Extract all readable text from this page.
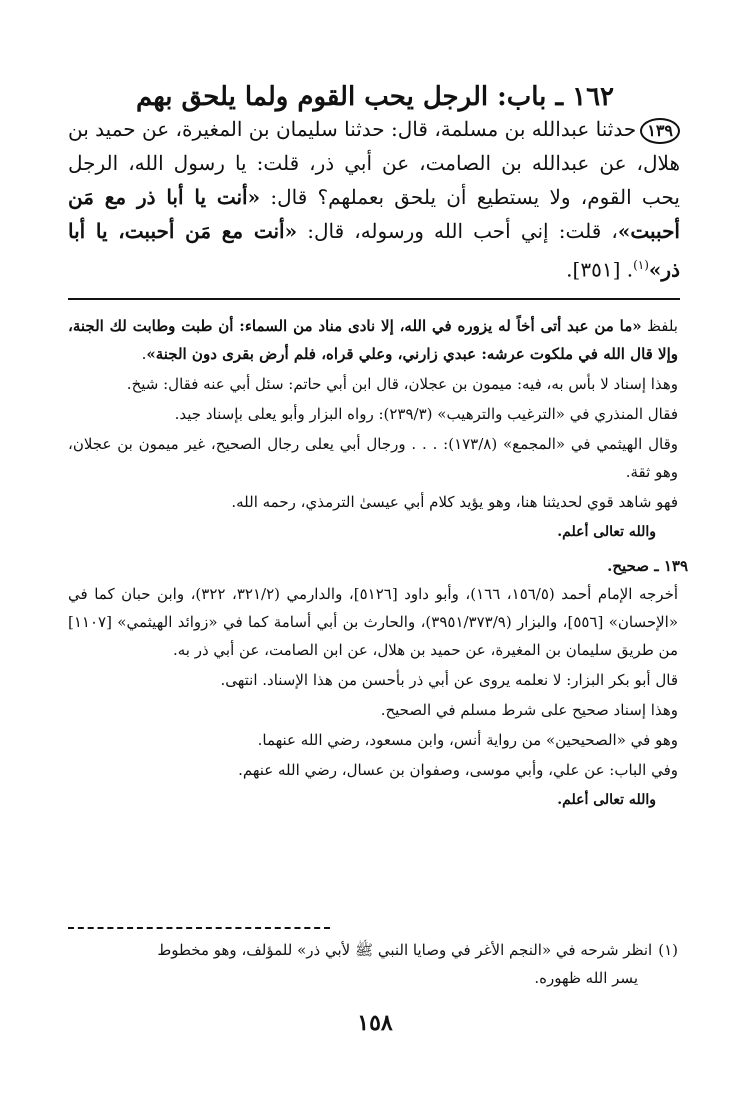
١٦٢ ـ باب: الرجل يحب القوم ولما يلحق بهم
١٣٩حدثنا عبدالله بن مسلمة، قال: حدثنا سليمان بن المغيرة، عن حميد بن هلال، عن عبدالله بن الصامت، عن أبي ذر، قلت: يا رسول الله، الرجل يحب القوم، ولا يستطيع أن يلحق بعملهم؟ قال: «أنت يا أبا ذر مع مَن أحببت»، قلت: إني أحب الله ورسوله، قال: «أنت مع مَن أحببت، يا أبا ذر»$^{(١)}$. [٣٥١].

بلفظ «ما من عبد أتى أخاً له يزوره في الله، إلا نادى مناد من السماء: أن طبت وطابت لك الجنة، وإلا قال الله في ملكوت عرشه: عبدي زارني، وعلي قراه، فلم أرض بقرى دون الجنة».

وهذا إسناد لا بأس به، فيه: ميمون بن عجلان، قال ابن أبي حاتم: سئل أبي عنه فقال: شيخ.

فقال المنذري في «الترغيب والترهيب» (٢٣٩/٣): رواه البزار وأبو يعلى بإسناد جيد.

وقال الهيثمي في «المجمع» (١٧٣/٨): . . . ورجال أبي يعلى رجال الصحيح، غير ميمون بن عجلان، وهو ثقة.

فهو شاهد قوي لحديثنا هنا، وهو يؤيد كلام أبي عيسىٰ الترمذي، رحمه الله.

والله تعالى أعلم.

١٣٩ ـ صحيح.

أخرجه الإمام أحمد (١٥٦/٥، ١٦٦)، وأبو داود [٥١٢٦]، والدارمي (٣٢١/٢، ٣٢٢)، وابن حبان كما في «الإحسان» [٥٥٦]، والبزار (٣٩٥١/٣٧٣/٩)، والحارث بن أبي أسامة كما في «زوائد الهيثمي» [١١٠٧] من طريق سليمان بن المغيرة، عن حميد بن هلال، عن ابن الصامت، عن أبي ذر به.

قال أبو بكر البزار: لا نعلمه يروى عن أبي ذر بأحسن من هذا الإسناد. انتهى.

وهذا إسناد صحيح على شرط مسلم في الصحيح.

وهو في «الصحيحين» من رواية أنس، وابن مسعود، رضي الله عنهما.

وفي الباب: عن علي، وأبي موسى، وصفوان بن عسال، رضي الله عنهم.

والله تعالى أعلم.

(١)انظر شرحه في «النجم الأغر في وصايا النبي ﷺ لأبي ذر» للمؤلف، وهو مخطوط
يسر الله ظهوره.
١٥٨
